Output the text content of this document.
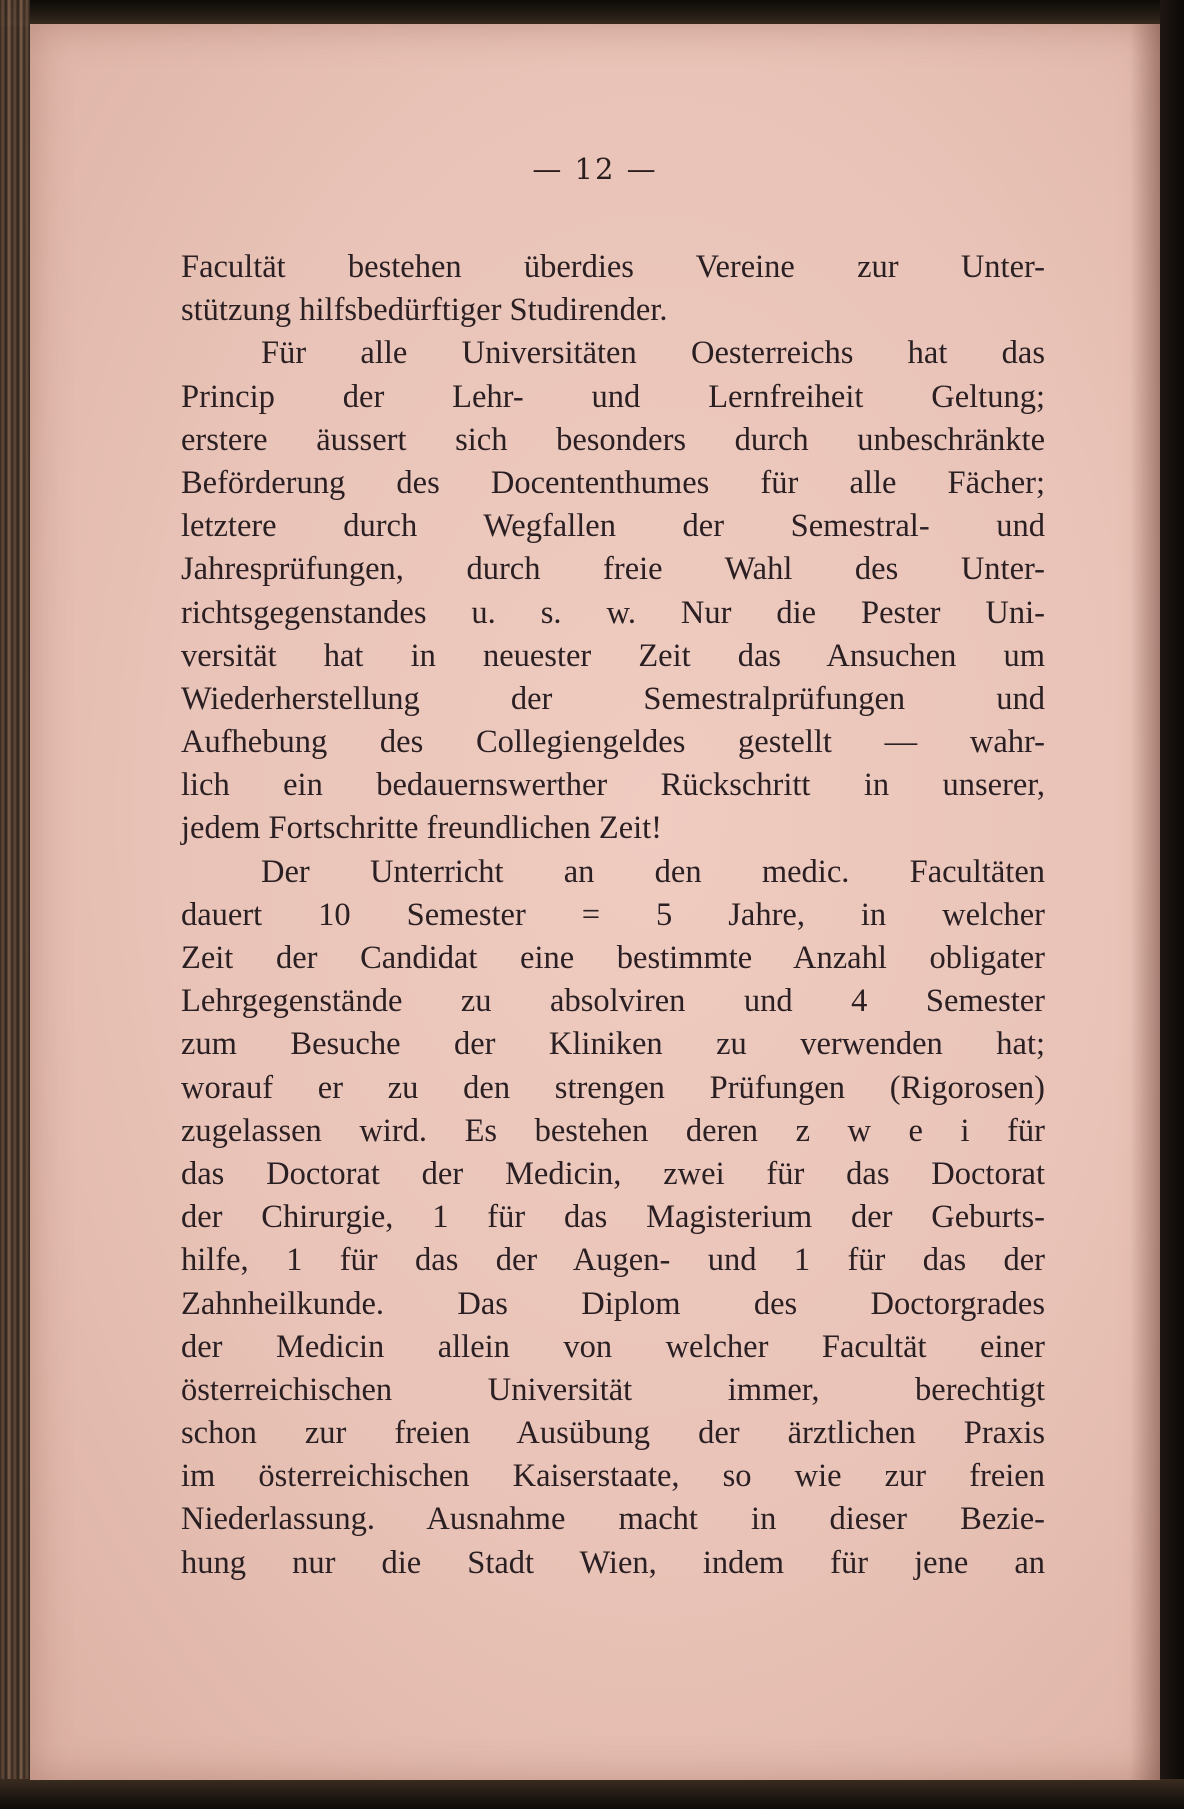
— 12 —
Facultät bestehen überdies Vereine zur Unter-
stützung hilfsbedürftiger Studirender.
Für alle Universitäten Oesterreichs hat das
Princip der Lehr- und Lernfreiheit Geltung;
erstere äussert sich besonders durch unbeschränkte
Beförderung des Docententhumes für alle Fächer;
letztere durch Wegfallen der Semestral- und
Jahresprüfungen, durch freie Wahl des Unter-
richtsgegenstandes u. s. w. Nur die Pester Uni-
versität hat in neuester Zeit das Ansuchen um
Wiederherstellung der Semestralprüfungen und
Aufhebung des Collegiengeldes gestellt — wahr-
lich ein bedauernswerther Rückschritt in unserer,
jedem Fortschritte freundlichen Zeit!
Der Unterricht an den medic. Facultäten
dauert 10 Semester = 5 Jahre, in welcher
Zeit der Candidat eine bestimmte Anzahl obligater
Lehrgegenstände zu absolviren und 4 Semester
zum Besuche der Kliniken zu verwenden hat;
worauf er zu den strengen Prüfungen (Rigorosen)
zugelassen wird. Es bestehen deren z w e i für
das Doctorat der Medicin, zwei für das Doctorat
der Chirurgie, 1 für das Magisterium der Geburts-
hilfe, 1 für das der Augen- und 1 für das der
Zahnheilkunde. Das Diplom des Doctorgrades
der Medicin allein von welcher Facultät einer
österreichischen Universität immer, berechtigt
schon zur freien Ausübung der ärztlichen Praxis
im österreichischen Kaiserstaate, so wie zur freien
Niederlassung. Ausnahme macht in dieser Bezie-
hung nur die Stadt Wien, indem für jene an
